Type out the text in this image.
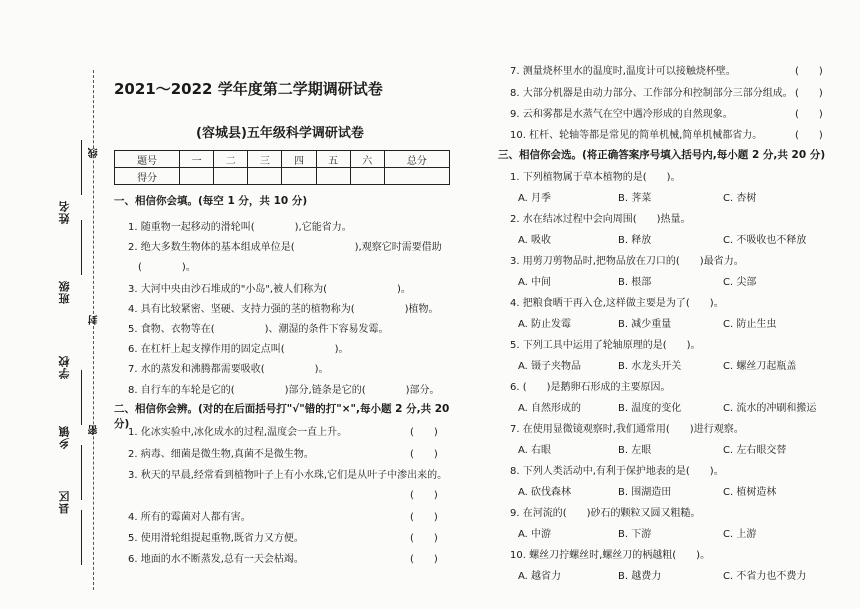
姓名
线
班级
封
学校
乡镇	密
县区
2021～2022 学年度第二学期调研试卷
(容城县)五年级科学调研试卷
题号	一	二	三	四	五	六	总分
得分							
一、相信你会填。(每空 1 分，共 10 分)
1. 随重物一起移动的滑轮叫(　　　　),它能省力。
2. 绝大多数生物体的基本组成单位是(　　　　　　),观察它时需要借助
(　　　　)。
3. 大河中央由沙石堆成的"小岛",被人们称为(　　　　　　　)。
4. 具有比较紧密、坚硬、支持力强的茎的植物称为(　　　　　)植物。
5. 食物、衣物等在(　　　　　)、潮湿的条件下容易发霉。
6. 在杠杆上起支撑作用的固定点叫(　　　　　)。
7. 水的蒸发和沸腾都需要吸收(　　　　　)。
8. 自行车的车轮是它的(　　　　　)部分,链条是它的(　　　　)部分。
二、相信你会辨。(对的在后面括号打"√"错的打"×",每小题 2 分,共 20 分)
1. 化冰实验中,冰化成水的过程,温度会一直上升。	(　　)
2. 病毒、细菌是微生物,真菌不是微生物。	(　　)
3. 秋天的早晨,经常看到植物叶子上有小水珠,它们是从叶子中渗出来的。
(　　)
4. 所有的霉菌对人都有害。	(　　)
5. 使用滑轮组提起重物,既省力又方便。	(　　)
6. 地面的水不断蒸发,总有一天会枯竭。	(　　)
7. 测量烧杯里水的温度时,温度计可以接触烧杯壁。	(　　)
8. 大部分机器是由动力部分、工作部分和控制部分三部分组成。 (　　)
9. 云和雾都是水蒸气在空中遇冷形成的自然现象。	(　　)
10. 杠杆、轮轴等都是常见的简单机械,简单机械都省力。	(　　)
三、相信你会选。(将正确答案序号填入括号内,每小题 2 分,共 20 分)
1. 下列植物属于草本植物的是(　　)。
A. 月季	B. 荠菜	C. 杏树
2. 水在结冰过程中会向周围(　　)热量。
A. 吸收	B. 释放	C. 不吸收也不释放
3. 用剪刀剪物品时,把物品放在刀口的(　　)最省力。
A. 中间	B. 根部	C. 尖部
4. 把粮食晒干再入仓,这样做主要是为了(　　)。
A. 防止发霉	B. 减少重量	C. 防止生虫
5. 下列工具中运用了轮轴原理的是(　　)。
A. 镊子夹物品	B. 水龙头开关	C. 螺丝刀起瓶盖
6. (　　)是鹅卵石形成的主要原因。
A. 自然形成的	B. 温度的变化	C. 流水的冲刷和搬运
7. 在使用显微镜观察时,我们通常用(　　)进行观察。
A. 右眼	B. 左眼	C. 左右眼交替
8. 下列人类活动中,有利于保护地表的是(　　)。
A. 砍伐森林	B. 围湖造田	C. 植树造林
9. 在河流的(　　)砂石的颗粒又圆又粗糙。
A. 中游	B. 下游	C. 上游
10. 螺丝刀拧螺丝时,螺丝刀的柄越粗(　　)。
A. 越省力	B. 越费力	C. 不省力也不费力
